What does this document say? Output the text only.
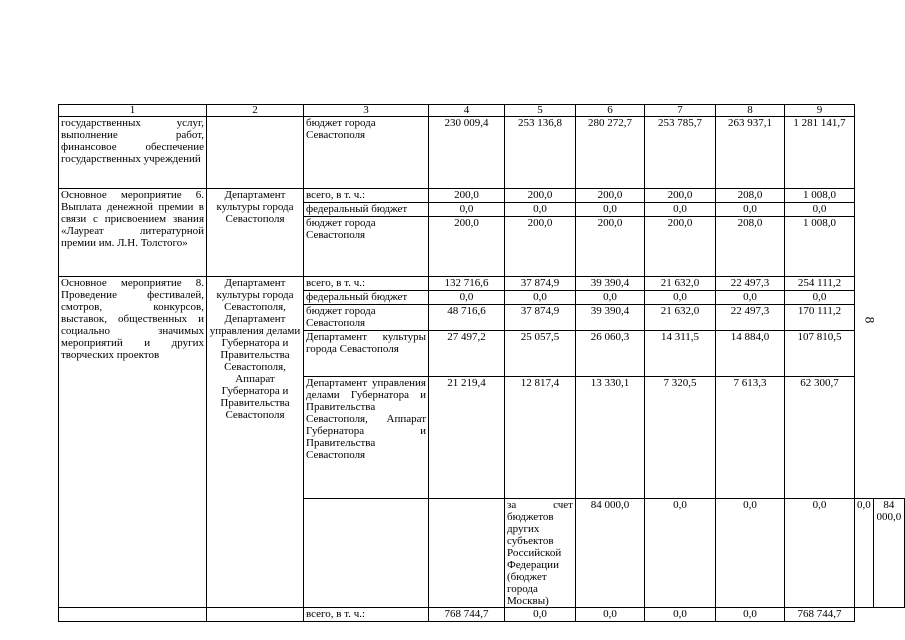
1	2	3	4	5	6	7	8	9		
государственных услуг, выполнение работ, финансовое обеспечение государственных учреждений		бюджет города Севастополя	230 009,4	253 136,8	280 272,7	253 785,7	263 937,1	1 281 141,7		
Основное мероприятие 6. Выплата денежной премии в связи с присвоением звания «Лауреат литературной премии им. Л.Н. Толстого»	Департамент культуры города Севастополя	всего, в т. ч.:	200,0	200,0	200,0	200,0	208,0	1 008,0		
		федеральный бюджет	0,0	0,0	0,0	0,0	0,0	0,0		
		бюджет города Севастополя	200,0	200,0	200,0	200,0	208,0	1 008,0		
Основное мероприятие 8. Проведение фестивалей, смотров, конкурсов, выставок, общественных и социально значимых мероприятий и других творческих проектов	Департамент культуры города Севастополя, Департамент управления делами Губернатора и Правительства Севастополя, Аппарат Губернатора и Правительства Севастополя	всего, в т. ч.:	132 716,6	37 874,9	39 390,4	21 632,0	22 497,3	254 111,2		
		федеральный бюджет	0,0	0,0	0,0	0,0	0,0	0,0		
		бюджет города Севастополя	48 716,6	37 874,9	39 390,4	21 632,0	22 497,3	170 111,2		
		Департамент культуры города Севастополя	27 497,2	25 057,5	26 060,3	14 311,5	14 884,0	107 810,5		
		Департамент управления делами Губернатора и Правительства Севастополя, Аппарат Губернатора и Правительства Севастополя	21 219,4	12 817,4	13 330,1	7 320,5	7 613,3	62 300,7		
				за счет бюджетов других субъектов Российской Федерации (бюджет города Москвы)	84 000,0	0,0	0,0	0,0	0,0	84 000,0
		всего, в т. ч.:	768 744,7	0,0	0,0	0,0	0,0	768 744,7		
8
